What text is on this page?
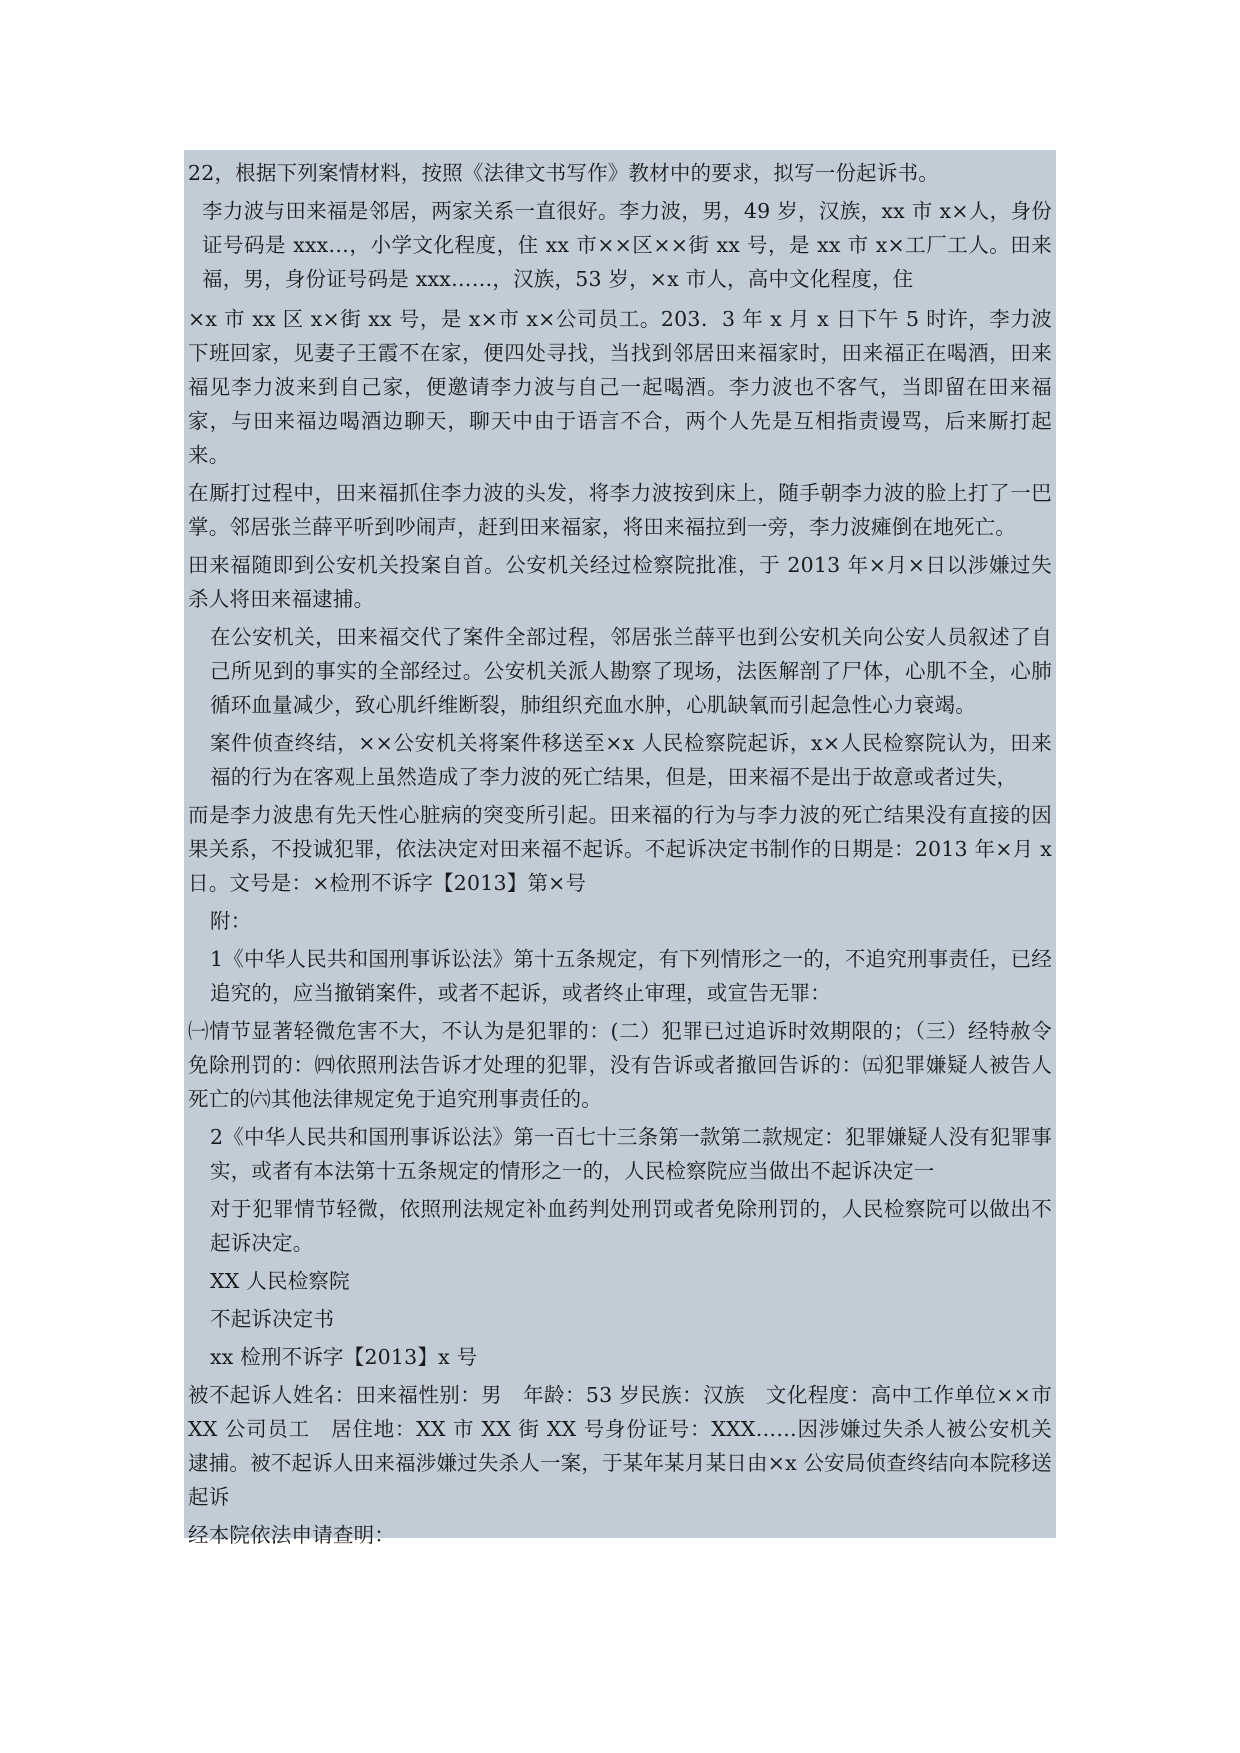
22，根据下列案情材料，按照《法律文书写作》教材中的要求，拟写一份起诉书。

李力波与田来福是邻居，两家关系一直很好。李力波，男，49 岁，汉族，xx 市 x×人，身份证号码是 xxx…，小学文化程度，住 xx 市××区××街 xx 号，是 xx 市 x×工厂工人。田来福，男，身份证号码是 xxx……，汉族，53 岁，×x 市人，高中文化程度，住

×x 市 xx 区 x×街 xx 号，是 x×市 x×公司员工。203．3 年 x 月 x 日下午 5 时许，李力波下班回家，见妻子王霞不在家，便四处寻找，当找到邻居田来福家时，田来福正在喝酒，田来福见李力波来到自己家，便邀请李力波与自己一起喝酒。李力波也不客气，当即留在田来福家，与田来福边喝酒边聊天，聊天中由于语言不合，两个人先是互相指责谩骂，后来厮打起来。

在厮打过程中，田来福抓住李力波的头发，将李力波按到床上，随手朝李力波的脸上打了一巴掌。邻居张兰薛平听到吵闹声，赶到田来福家，将田来福拉到一旁，李力波瘫倒在地死亡。

田来福随即到公安机关投案自首。公安机关经过检察院批准，于 2013 年×月×日以涉嫌过失杀人将田来福逮捕。

在公安机关，田来福交代了案件全部过程，邻居张兰薛平也到公安机关向公安人员叙述了自己所见到的事实的全部经过。公安机关派人勘察了现场，法医解剖了尸体，心肌不全，心肺循环血量减少，致心肌纤维断裂，肺组织充血水肿，心肌缺氧而引起急性心力衰竭。

案件侦查终结，××公安机关将案件移送至×x 人民检察院起诉，x×人民检察院认为，田来福的行为在客观上虽然造成了李力波的死亡结果，但是，田来福不是出于故意或者过失，

而是李力波患有先天性心脏病的突变所引起。田来福的行为与李力波的死亡结果没有直接的因果关系，不投诚犯罪，依法决定对田来福不起诉。不起诉决定书制作的日期是：2013 年×月 x 日。文号是：×检刑不诉字【2013】第×号

附：

1《中华人民共和国刑事诉讼法》第十五条规定，有下列情形之一的，不追究刑事责任，已经追究的，应当撤销案件，或者不起诉，或者终止审理，或宣告无罪：

㈠情节显著轻微危害不大，不认为是犯罪的：(二）犯罪已过追诉时效期限的；（三）经特赦令免除刑罚的：㈣依照刑法告诉才处理的犯罪，没有告诉或者撤回告诉的：㈤犯罪嫌疑人被告人死亡的㈥其他法律规定免于追究刑事责任的。

2《中华人民共和国刑事诉讼法》第一百七十三条第一款第二款规定：犯罪嫌疑人没有犯罪事实，或者有本法第十五条规定的情形之一的，人民检察院应当做出不起诉决定一

对于犯罪情节轻微，依照刑法规定补血药判处刑罚或者免除刑罚的，人民检察院可以做出不起诉决定。

XX 人民检察院

不起诉决定书

xx 检刑不诉字【2013】x 号

被不起诉人姓名：田来福性别：男　年龄：53 岁民族：汉族　文化程度：高中工作单位××市 XX 公司员工　居住地：XX 市 XX 街 XX 号身份证号：XXX……因涉嫌过失杀人被公安机关逮捕。被不起诉人田来福涉嫌过失杀人一案，于某年某月某日由×x 公安局侦查终结向本院移送起诉

经本院依法申请查明：
